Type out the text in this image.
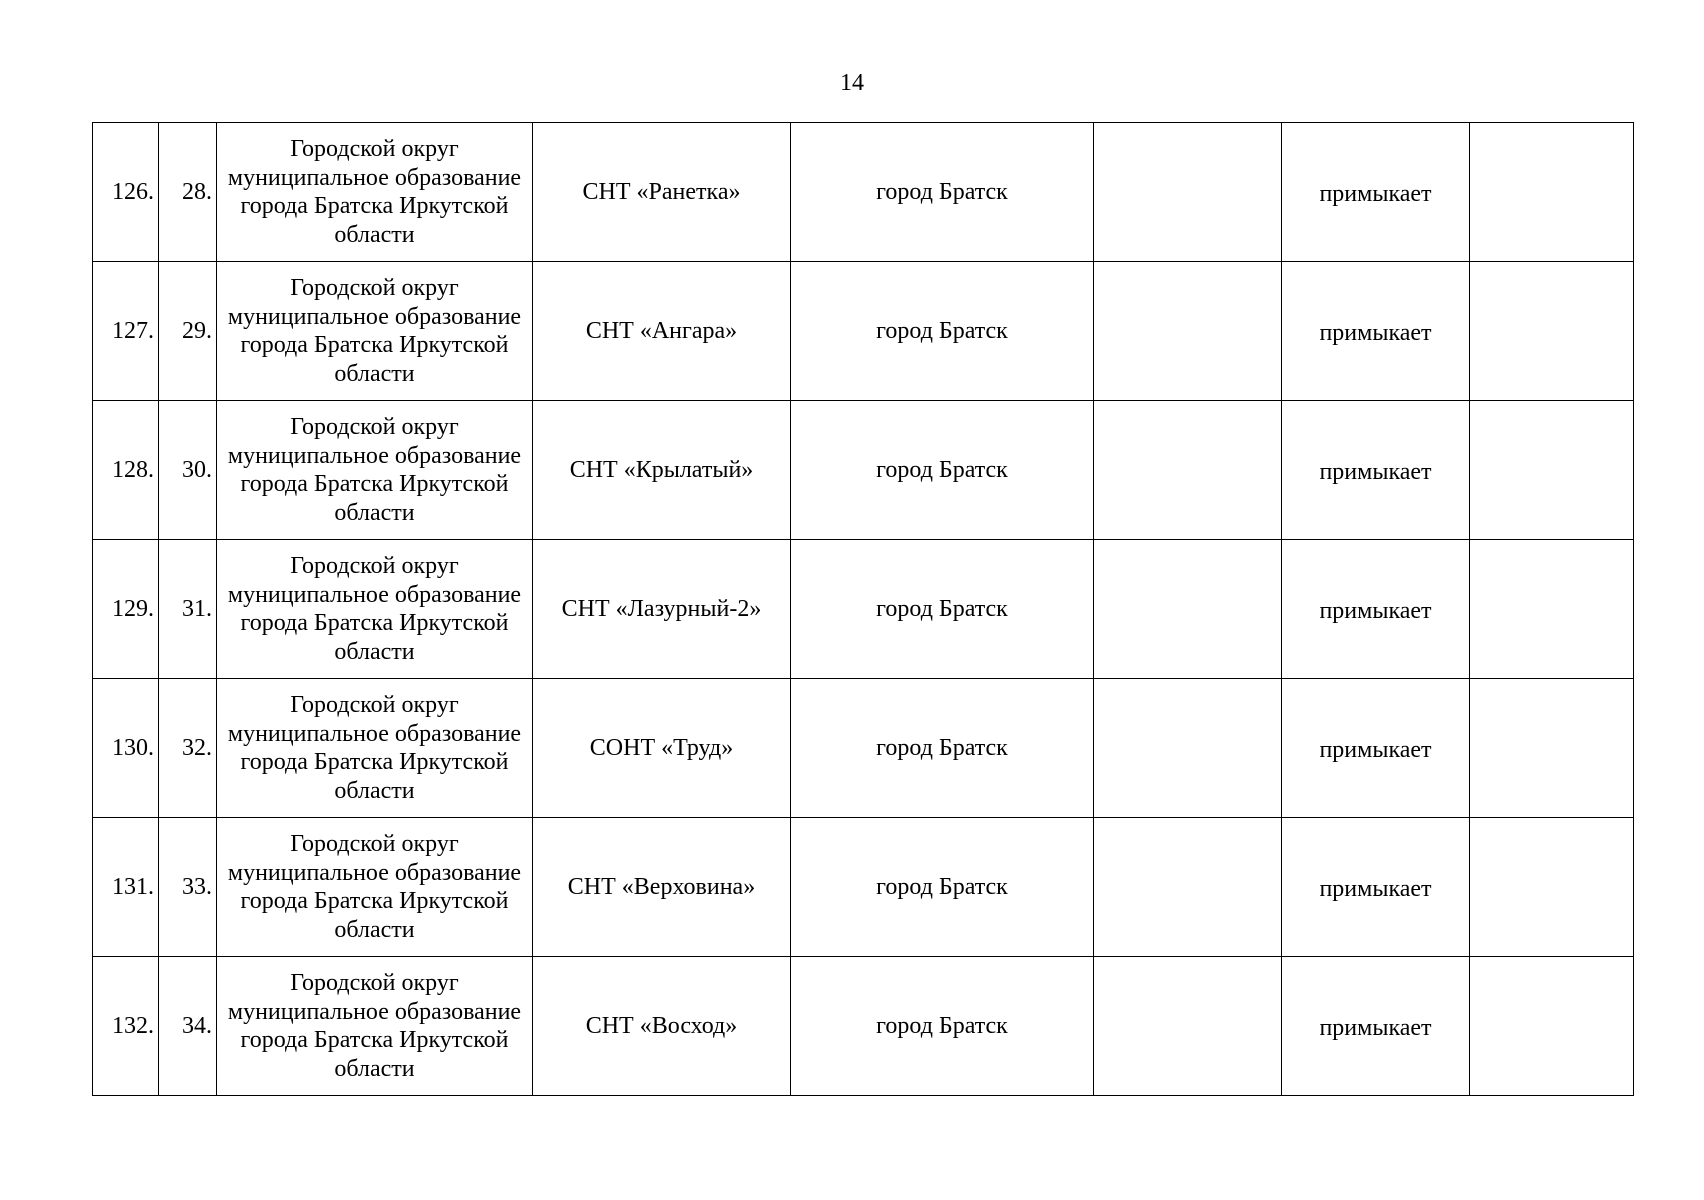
14
126.	28.	Городской округ муниципальное образование города Братска Иркутской области	СНТ «Ранетка»	город Братск		примыкает	
127.	29.	Городской округ муниципальное образование города Братска Иркутской области	СНТ «Ангара»	город Братск		примыкает	
128.	30.	Городской округ муниципальное образование города Братска Иркутской области	СНТ «Крылатый»	город Братск		примыкает	
129.	31.	Городской округ муниципальное образование города Братска Иркутской области	СНТ «Лазурный-2»	город Братск		примыкает	
130.	32.	Городской округ муниципальное образование города Братска Иркутской области	СОНТ «Труд»	город Братск		примыкает	
131.	33.	Городской округ муниципальное образование города Братска Иркутской области	СНТ «Верховина»	город Братск		примыкает	
132.	34.	Городской округ муниципальное образование города Братска Иркутской области	СНТ «Восход»	город Братск		примыкает	
